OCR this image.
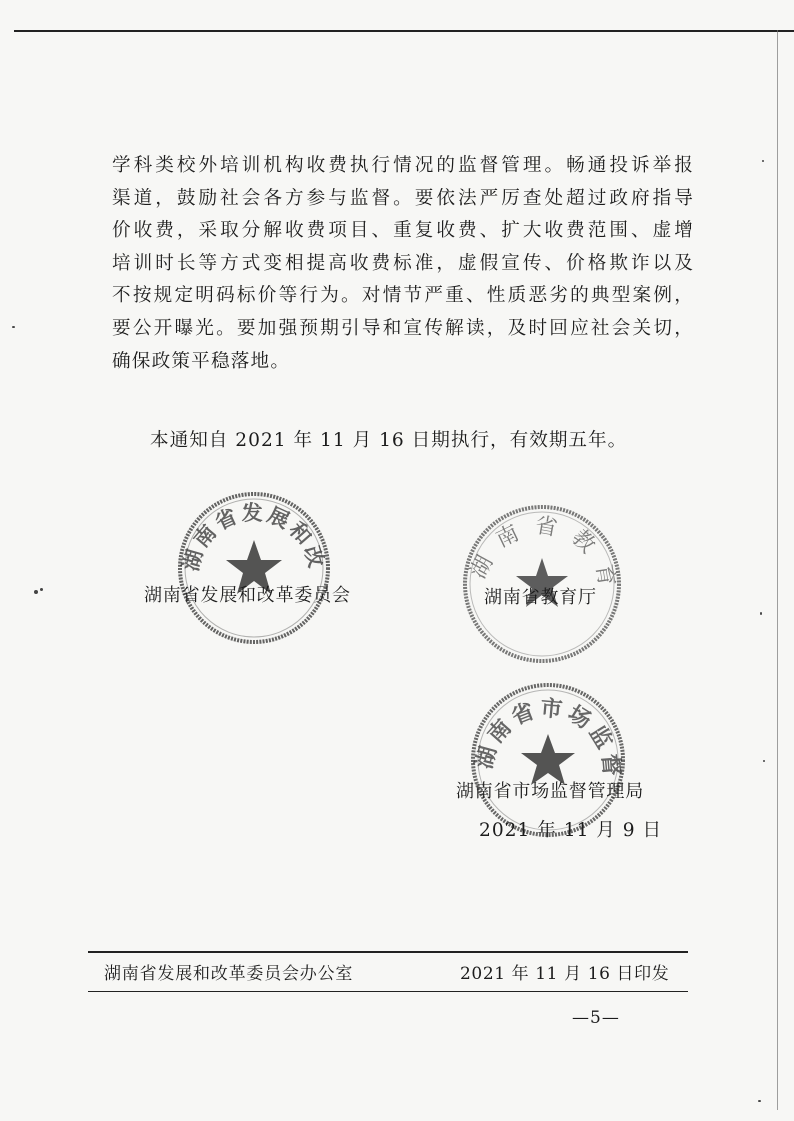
学科类校外培训机构收费执行情况的监督管理。畅通投诉举报

渠道，鼓励社会各方参与监督。要依法严厉查处超过政府指导

价收费，采取分解收费项目、重复收费、扩大收费范围、虚增

培训时长等方式变相提高收费标准，虚假宣传、价格欺诈以及

不按规定明码标价等行为。对情节严重、性质恶劣的典型案例，

要公开曝光。要加强预期引导和宣传解读，及时回应社会关切，

确保政策平稳落地。

本通知自 2021 年 11 月 16 日期执行，有效期五年。
湖南省发展和改革委员会
湖南省发展和改革委员会
湖南省教育厅
湖南省教育厅
湖南省市场监督管理局
湖南省市场监督管理局
2021 年 11 月 9 日
湖南省发展和改革委员会办公室	2021 年 11 月 16 日印发
—5—
